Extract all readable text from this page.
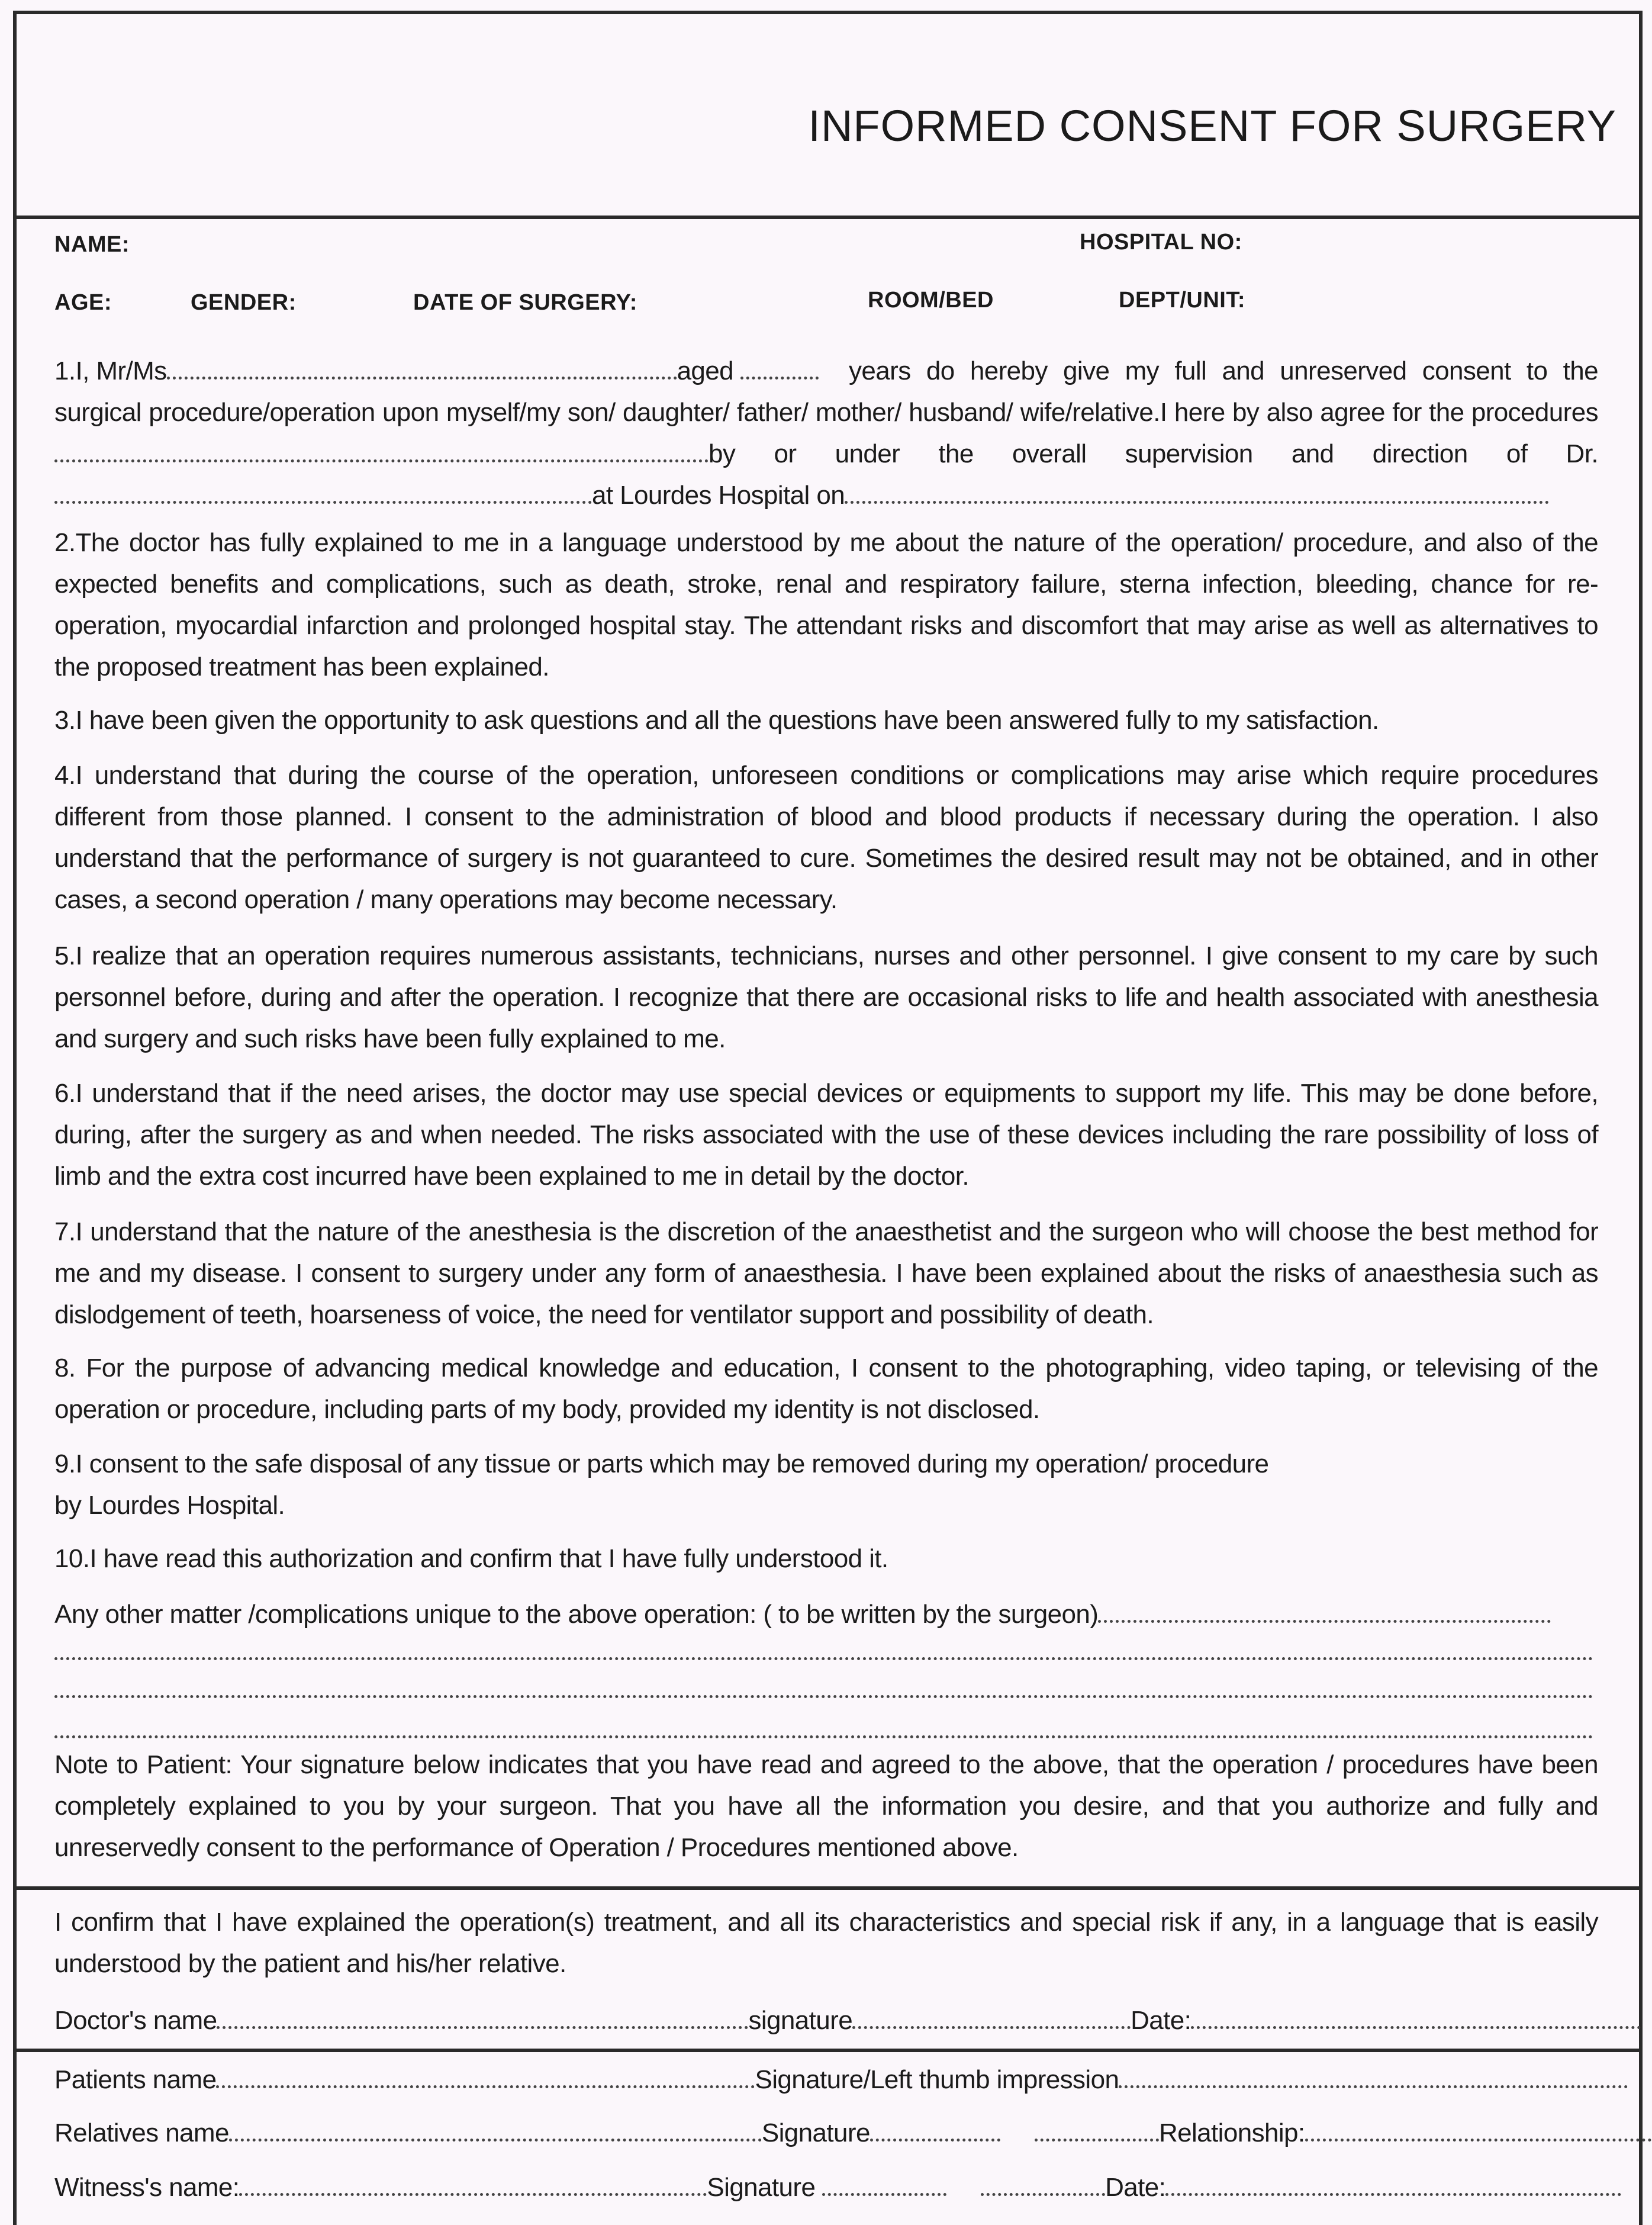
INFORMED CONSENT FOR SURGERY
NAME:	HOSPITAL NO:
AGE:	GENDER:	DATE OF SURGERY:	ROOM/BED	DEPT/UNIT:
1.I, Mr/Ms	aged	years do hereby give my full and unreserved consent to the surgical procedure/operation upon myself/my son/ daughter/ father/ mother/ husband/ wife/relative.I here by also agree for the proceduresby or under the overall supervision and direction of Dr.at Lourdes Hospital on

2.The doctor has fully explained to me in a language understood by me about the nature of the operation/ procedure, and also of the expected benefits and complications, such as death, stroke, renal and respiratory failure, sterna infection, bleeding, chance for re-operation, myocardial infarction and prolonged hospital stay. The attendant risks and discomfort that may arise as well as alternatives to the proposed treatment has been explained.

3.I have been given the opportunity to ask questions and all the questions have been answered fully to my satisfaction.

4.I understand that during the course of the operation, unforeseen conditions or complications may arise which require procedures different from those planned. I consent to the administration of blood and blood products if necessary during the operation. I also understand that the performance of surgery is not guaranteed to cure. Sometimes the desired result may not be obtained, and in other cases, a second operation / many operations may become necessary.

5.I realize that an operation requires numerous assistants, technicians, nurses and other personnel. I give consent to my care by such personnel before, during and after the operation. I recognize that there are occasional risks to life and health associated with anesthesia and surgery and such risks have been fully explained to me.

6.I understand that if the need arises, the doctor may use special devices or equipments to support my life. This may be done before, during, after the surgery as and when needed. The risks associated with the use of these devices including the rare possibility of loss of limb and the extra cost incurred have been explained to me in detail by the doctor.

7.I understand that the nature of the anesthesia is the discretion of the anaesthetist and the surgeon who will choose the best method for me and my disease. I consent to surgery under any form of anaesthesia. I have been explained about the risks of anaesthesia such as dislodgement of teeth, hoarseness of voice, the need for ventilator support and possibility of death.

8. For the purpose of advancing medical knowledge and education, I consent to the photographing, video taping, or televising of the operation or procedure, including parts of my body, provided my identity is not disclosed.

9.I consent to the safe disposal of any tissue or parts which may be removed during my operation/ procedure
by Lourdes Hospital.
10.I have read this authorization and confirm that I have fully understood it.
Any other matter /complications unique to the above operation: ( to be written by the surgeon)

Note to Patient: Your signature below indicates that you have read and agreed to the above, that the operation / procedures have been completely explained to you by your surgeon. That you have all the information you desire, and that you authorize and fully and unreservedly consent to the performance of Operation / Procedures mentioned above.

I confirm that I have explained the operation(s) treatment, and all its characteristics and special risk if any, in a language that is easily understood by the patient and his/her relative.

Doctor's name	signature	Date:
Patients name	Signature/Left thumb impression
Relatives name	Signature	Relationship:
Witness's name:	Signature	Date:
